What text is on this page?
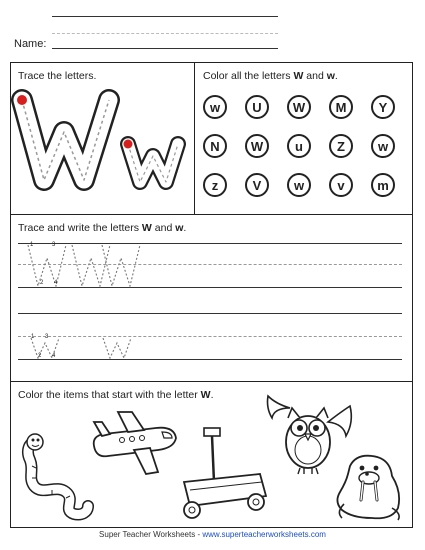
Name:
Trace the letters.	Color all the letters W and w.
w	U	W	M	Y
N	W	u	Z	w
z	V	w	v	m
Trace and write the letters W and w.
1
2
3
4
1
2
3
4
Color the items that start with the letter W.
Super Teacher Worksheets - www.superteacherworksheets.com
